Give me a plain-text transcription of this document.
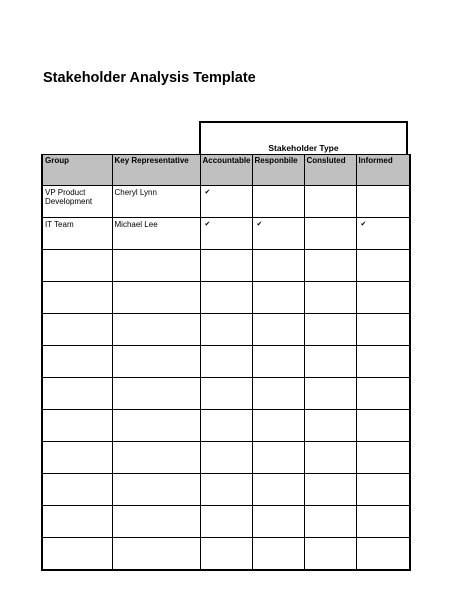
Stakeholder Analysis Template
Stakeholder Type
Group	Key Representative	Accountable	Responbile	Consluted	Informed
VP Product Development	Cheryl Lynn	✔			
IT Team	Michael Lee	✔	✔		✔
